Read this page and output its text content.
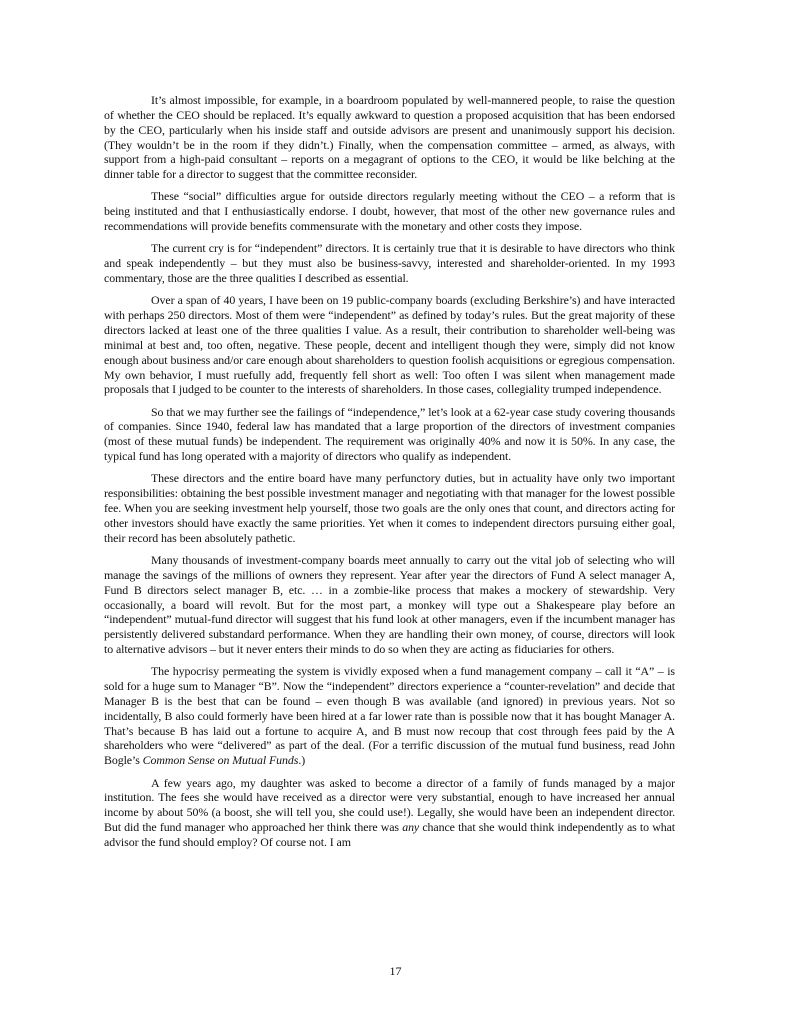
It’s almost impossible, for example, in a boardroom populated by well-mannered people, to raise the question of whether the CEO should be replaced. It’s equally awkward to question a proposed acquisition that has been endorsed by the CEO, particularly when his inside staff and outside advisors are present and unanimously support his decision. (They wouldn’t be in the room if they didn’t.) Finally, when the compensation committee – armed, as always, with support from a high-paid consultant – reports on a megagrant of options to the CEO, it would be like belching at the dinner table for a director to suggest that the committee reconsider.

These “social” difficulties argue for outside directors regularly meeting without the CEO – a reform that is being instituted and that I enthusiastically endorse. I doubt, however, that most of the other new governance rules and recommendations will provide benefits commensurate with the monetary and other costs they impose.

The current cry is for “independent” directors. It is certainly true that it is desirable to have directors who think and speak independently – but they must also be business-savvy, interested and shareholder-oriented. In my 1993 commentary, those are the three qualities I described as essential.

Over a span of 40 years, I have been on 19 public-company boards (excluding Berkshire’s) and have interacted with perhaps 250 directors. Most of them were “independent” as defined by today’s rules. But the great majority of these directors lacked at least one of the three qualities I value. As a result, their contribution to shareholder well-being was minimal at best and, too often, negative. These people, decent and intelligent though they were, simply did not know enough about business and/or care enough about shareholders to question foolish acquisitions or egregious compensation. My own behavior, I must ruefully add, frequently fell short as well: Too often I was silent when management made proposals that I judged to be counter to the interests of shareholders. In those cases, collegiality trumped independence.

So that we may further see the failings of “independence,” let’s look at a 62-year case study covering thousands of companies. Since 1940, federal law has mandated that a large proportion of the directors of investment companies (most of these mutual funds) be independent. The requirement was originally 40% and now it is 50%. In any case, the typical fund has long operated with a majority of directors who qualify as independent.

These directors and the entire board have many perfunctory duties, but in actuality have only two important responsibilities: obtaining the best possible investment manager and negotiating with that manager for the lowest possible fee. When you are seeking investment help yourself, those two goals are the only ones that count, and directors acting for other investors should have exactly the same priorities. Yet when it comes to independent directors pursuing either goal, their record has been absolutely pathetic.

Many thousands of investment-company boards meet annually to carry out the vital job of selecting who will manage the savings of the millions of owners they represent. Year after year the directors of Fund A select manager A, Fund B directors select manager B, etc. … in a zombie-like process that makes a mockery of stewardship. Very occasionally, a board will revolt. But for the most part, a monkey will type out a Shakespeare play before an “independent” mutual-fund director will suggest that his fund look at other managers, even if the incumbent manager has persistently delivered substandard performance. When they are handling their own money, of course, directors will look to alternative advisors – but it never enters their minds to do so when they are acting as fiduciaries for others.

The hypocrisy permeating the system is vividly exposed when a fund management company – call it “A” – is sold for a huge sum to Manager “B”. Now the “independent” directors experience a “counter-revelation” and decide that Manager B is the best that can be found – even though B was available (and ignored) in previous years. Not so incidentally, B also could formerly have been hired at a far lower rate than is possible now that it has bought Manager A. That’s because B has laid out a fortune to acquire A, and B must now recoup that cost through fees paid by the A shareholders who were “delivered” as part of the deal. (For a terrific discussion of the mutual fund business, read John Bogle’s Common Sense on Mutual Funds.)

A few years ago, my daughter was asked to become a director of a family of funds managed by a major institution. The fees she would have received as a director were very substantial, enough to have increased her annual income by about 50% (a boost, she will tell you, she could use!). Legally, she would have been an independent director. But did the fund manager who approached her think there was any chance that she would think independently as to what advisor the fund should employ? Of course not. I am

17
